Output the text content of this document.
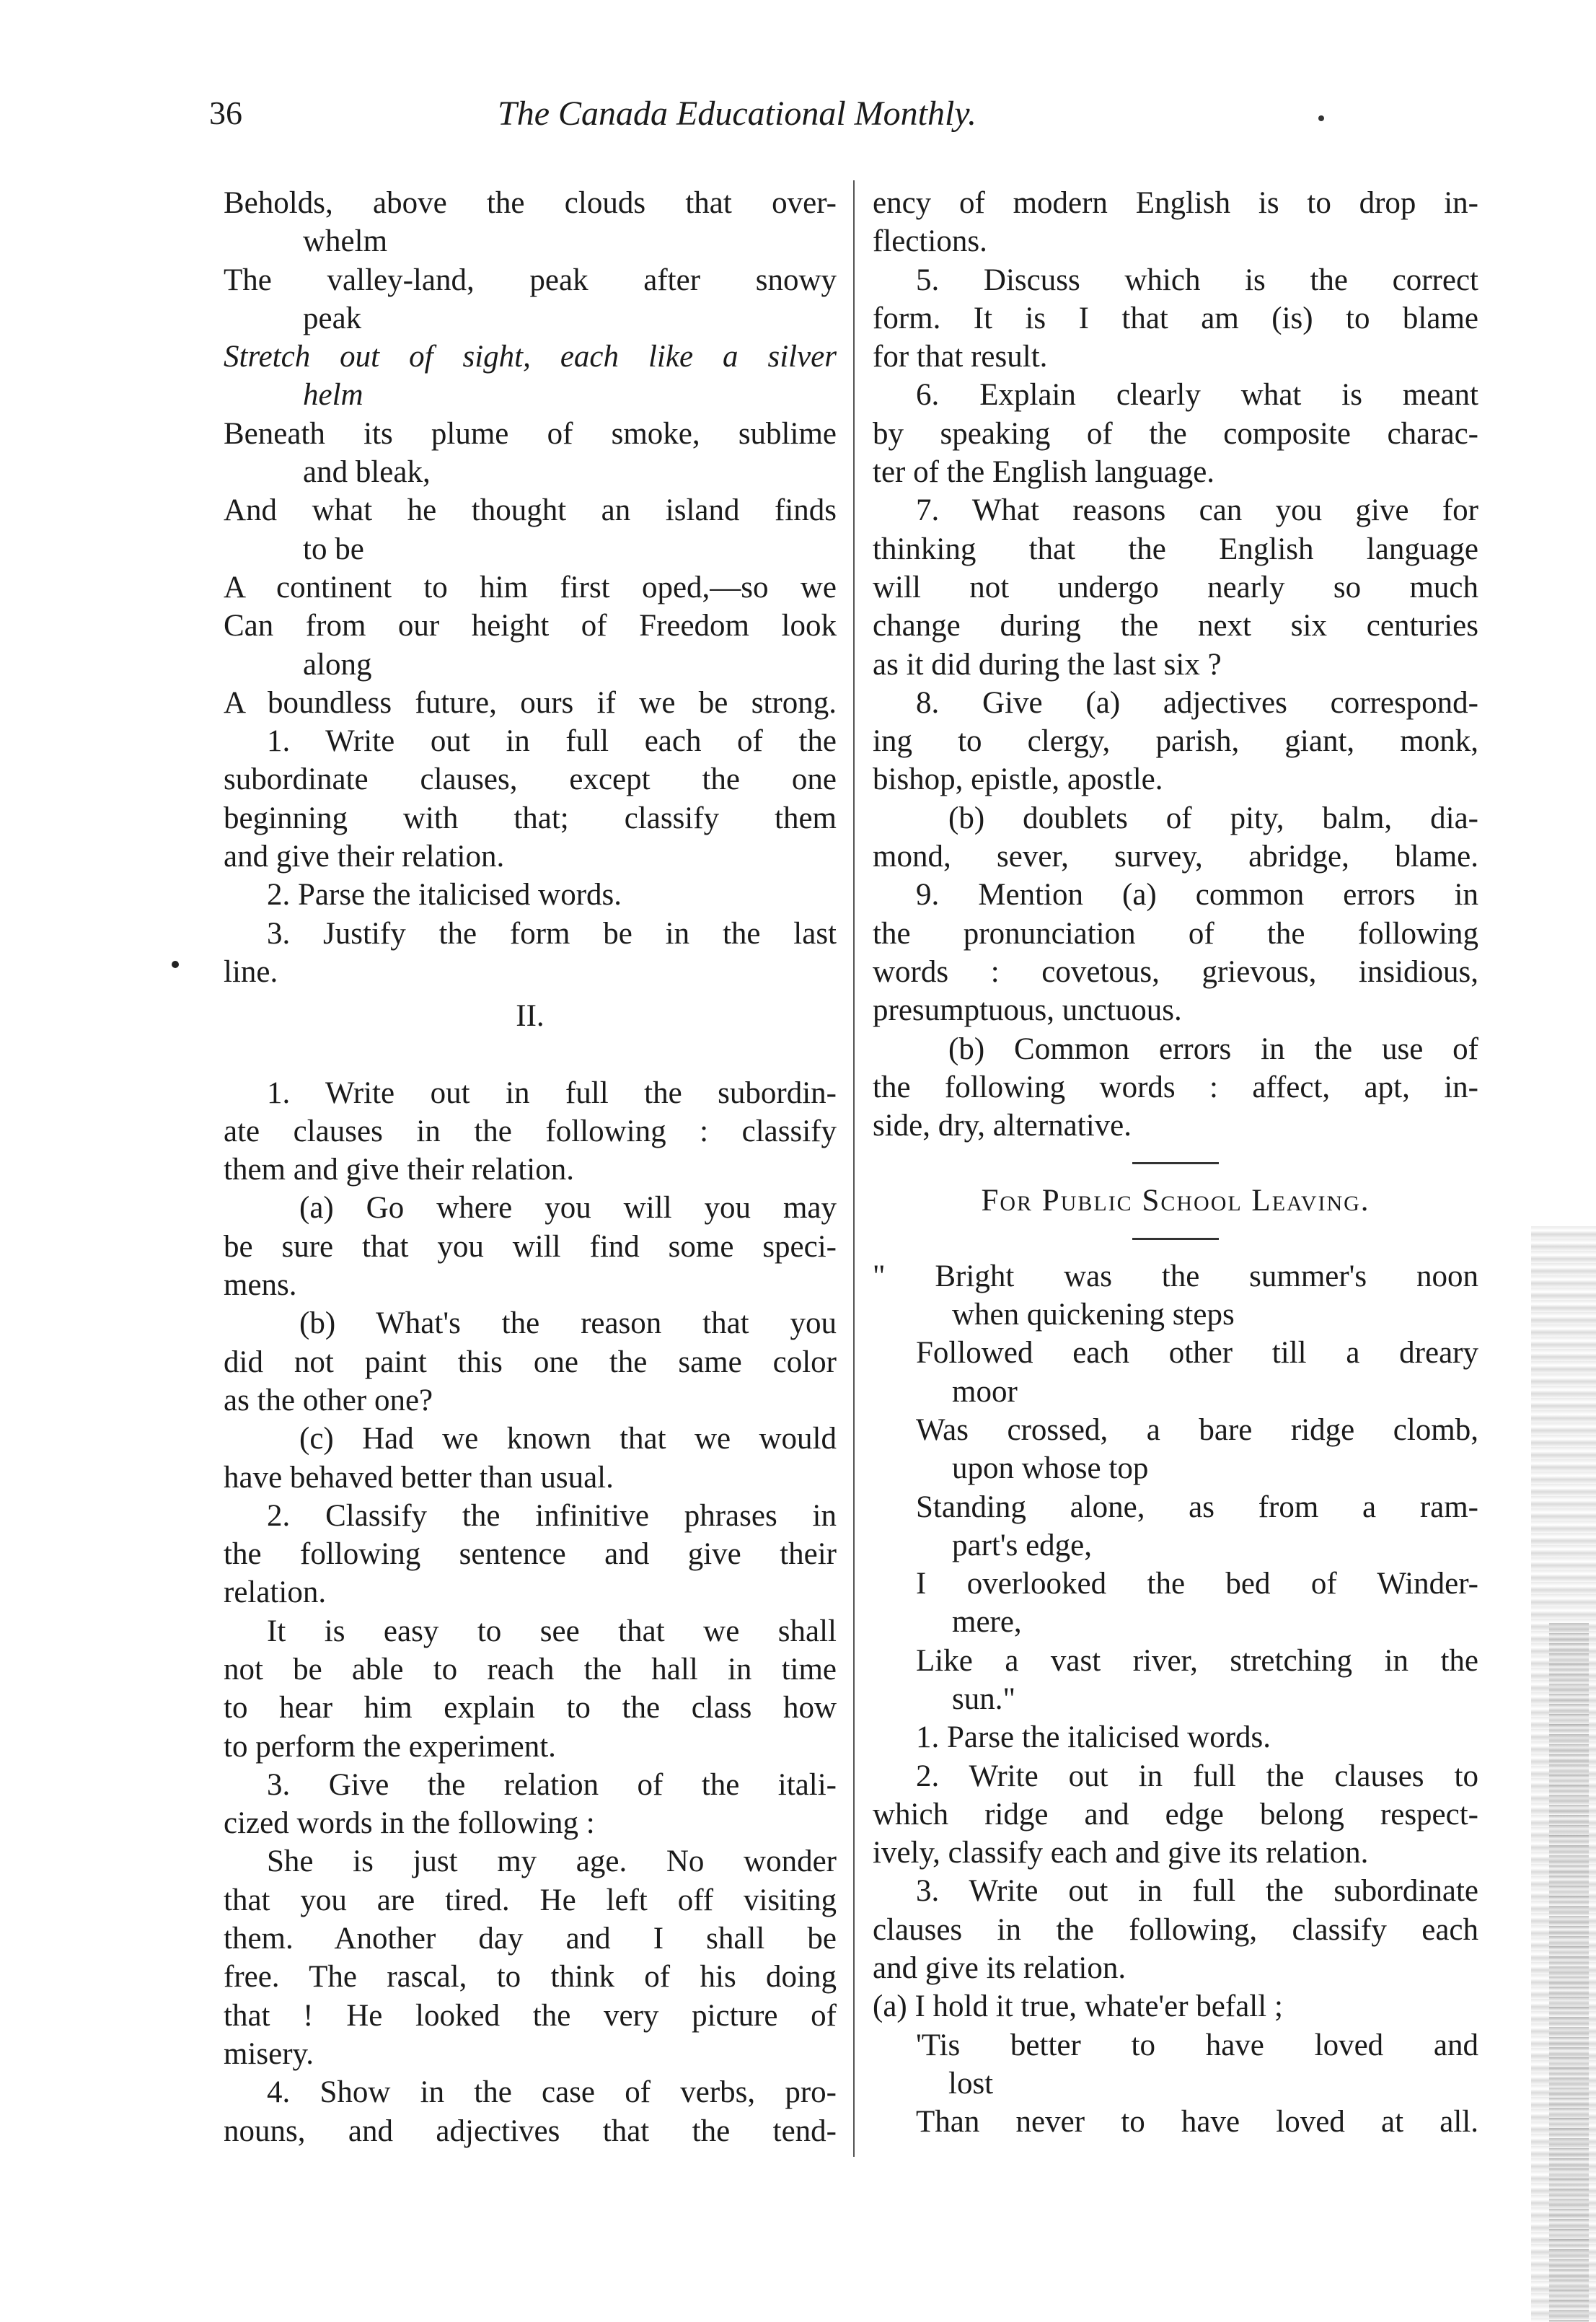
36	The Canada Educational Monthly.
Beholds, above the clouds that over-
whelm
The valley-land, peak after snowy
peak
Stretch out of sight, each like a silver
helm
Beneath its plume of smoke, sublime
and bleak,
And what he thought an island finds
to be
A continent to him first oped,—so we
Can from our height of Freedom look
along
A boundless future, ours if we be strong.
1. Write out in full each of the
subordinate clauses, except the one
beginning with that; classify them
and give their relation.
2. Parse the italicised words.
3. Justify the form be in the last
line.
II.
1. Write out in full the subordin-
ate clauses in the following : classify
them and give their relation.
(a) Go where you will you may
be sure that you will find some speci-
mens.
(b) What's the reason that you
did not paint this one the same color
as the other one?
(c) Had we known that we would
have behaved better than usual.
2. Classify the infinitive phrases in
the following sentence and give their
relation.
It is easy to see that we shall
not be able to reach the hall in time
to hear him explain to the class how
to perform the experiment.
3. Give the relation of the itali-
cized words in the following :
She is just my age. No wonder
that you are tired. He left off visiting
them. Another day and I shall be
free. The rascal, to think of his doing
that ! He looked the very picture of
misery.
4. Show in the case of verbs, pro-
nouns, and adjectives that the tend-
ency of modern English is to drop in-
flections.
5. Discuss which is the correct
form. It is I that am (is) to blame
for that result.
6. Explain clearly what is meant
by speaking of the composite charac-
ter of the English language.
7. What reasons can you give for
thinking that the English language
will not undergo nearly so much
change during the next six centuries
as it did during the last six ?
8. Give (a) adjectives correspond-
ing to clergy, parish, giant, monk,
bishop, epistle, apostle.
(b) doublets of pity, balm, dia-
mond, sever, survey, abridge, blame.
9. Mention (a) common errors in
the pronunciation of the following
words : covetous, grievous, insidious,
presumptuous, unctuous.
(b) Common errors in the use of
the following words : affect, apt, in-
side, dry, alternative.
For Public School Leaving.
" Bright was the summer's noon
when quickening steps
Followed each other till a dreary
moor
Was crossed, a bare ridge clomb,
upon whose top
Standing alone, as from a ram-
part's edge,
I overlooked the bed of Winder-
mere,
Like a vast river, stretching in the
sun."
1. Parse the italicised words.
2. Write out in full the clauses to
which ridge and edge belong respect-
ively, classify each and give its relation.
3. Write out in full the subordinate
clauses in the following, classify each
and give its relation.
(a) I hold it true, whate'er befall ;
'Tis better to have loved and
lost
Than never to have loved at all.
